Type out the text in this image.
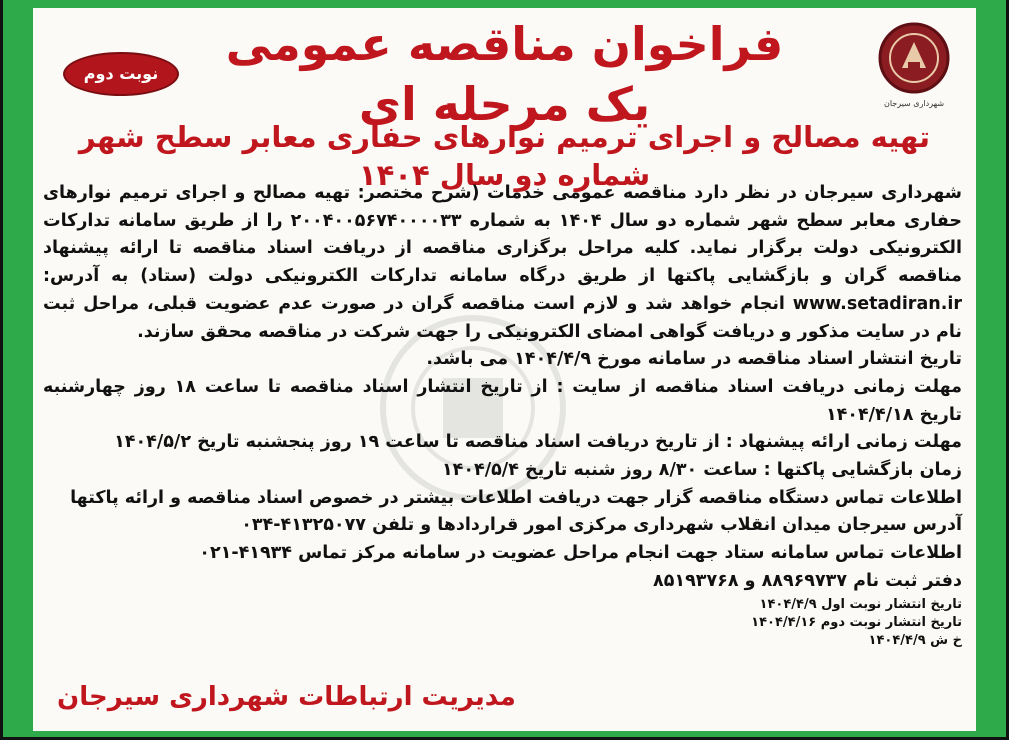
نوبت دوم
شهرداری سیرجان
فراخوان مناقصه عمومی یک مرحله ای
تهیه مصالح و اجرای ترمیم نوارهای حفاری معابر سطح شهر شماره دو سال ۱۴۰۴

شهرداری سیرجان در نظر دارد مناقصه عمومی خدمات (شرح مختصر: تهیه مصالح و اجرای ترمیم نوارهای حفاری معابر سطح شهر شماره دو سال ۱۴۰۴ به شماره ۲۰۰۴۰۰۵۶۷۴۰۰۰۰۳۳ را از طریق سامانه تدارکات الکترونیکی دولت برگزار نماید. کلیه مراحل برگزاری مناقصه از دریافت اسناد مناقصه تا ارائه پیشنهاد مناقصه گران و بازگشایی پاکتها از طریق درگاه سامانه تدارکات الکترونیکی دولت (ستاد) به آدرس: www.setadiran.ir انجام خواهد شد و لازم است مناقصه گران در صورت عدم عضویت قبلی، مراحل ثبت نام در سایت مذکور و دریافت گواهی امضای الکترونیکی را جهت شرکت در مناقصه محقق سازند.

تاریخ انتشار اسناد مناقصه در سامانه مورخ ۱۴۰۴/۴/۹ می باشد.

مهلت زمانی دریافت اسناد مناقصه از سایت : از تاریخ انتشار اسناد مناقصه تا ساعت ۱۸ روز چهارشنبه تاریخ ۱۴۰۴/۴/۱۸

مهلت زمانی ارائه پیشنهاد : از تاریخ دریافت اسناد مناقصه تا ساعت ۱۹ روز پنجشنبه تاریخ ۱۴۰۴/۵/۲

زمان بازگشایی پاکتها : ساعت ۸/۳۰ روز شنبه تاریخ ۱۴۰۴/۵/۴

اطلاعات تماس دستگاه مناقصه گزار جهت دریافت اطلاعات بیشتر در خصوص اسناد مناقصه و ارائه پاکتها

آدرس سیرجان میدان انقلاب شهرداری مرکزی امور قراردادها و تلفن ۴۱۳۲۵۰۷۷-۰۳۴

اطلاعات تماس سامانه ستاد جهت انجام مراحل عضویت در سامانه مرکز تماس ۴۱۹۳۴-۰۲۱

دفتر ثبت نام ۸۸۹۶۹۷۳۷ و ۸۵۱۹۳۷۶۸

تاریخ انتشار نوبت اول ۱۴۰۴/۴/۹

تاریخ انتشار نوبت دوم ۱۴۰۴/۴/۱۶

خ ش ۱۴۰۴/۴/۹

مدیریت ارتباطات شهرداری سیرجان
